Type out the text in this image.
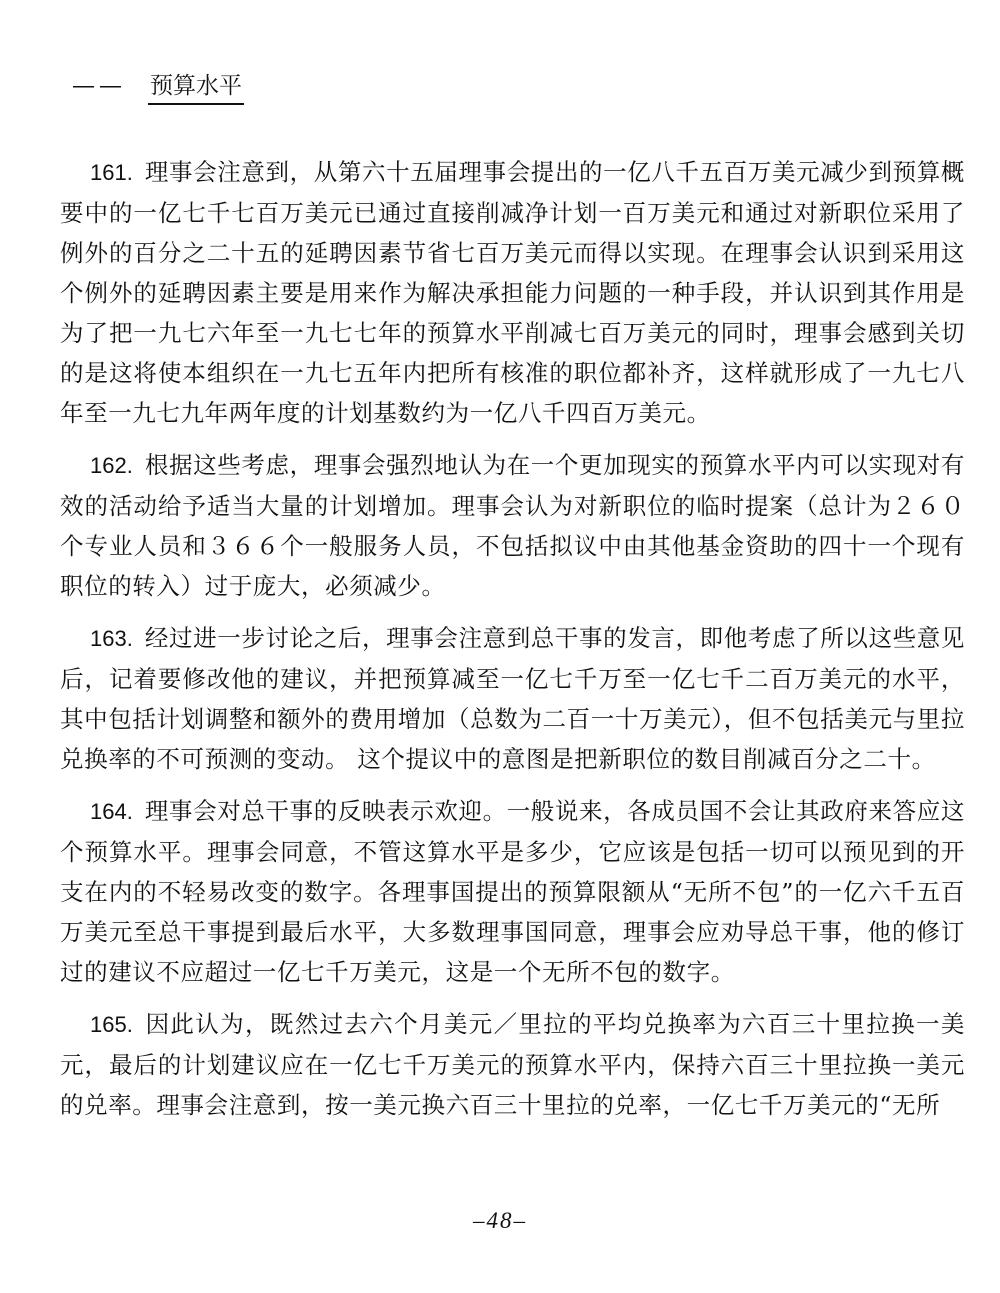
—— 预算水平

161. 理事会注意到，从第六十五届理事会提出的一亿八千五百万美元减少到预算概要中的一亿七千七百万美元已通过直接削减净计划一百万美元和通过对新职位采用了例外的百分之二十五的延聘因素节省七百万美元而得以实现。在理事会认识到采用这个例外的延聘因素主要是用来作为解决承担能力问题的一种手段，并认识到其作用是为了把一九七六年至一九七七年的预算水平削减七百万美元的同时，理事会感到关切的是这将使本组织在一九七五年内把所有核准的职位都补齐，这样就形成了一九七八年至一九七九年两年度的计划基数约为一亿八千四百万美元。

162. 根据这些考虑，理事会强烈地认为在一个更加现实的预算水平内可以实现对有效的活动给予适当大量的计划增加。理事会认为对新职位的临时提案（总计为２６０个专业人员和３６６个一般服务人员，不包括拟议中由其他基金资助的四十一个现有职位的转入）过于庞大，必须减少。

163. 经过进一步讨论之后，理事会注意到总干事的发言，即他考虑了所以这些意见后，记着要修改他的建议，并把预算减至一亿七千万至一亿七千二百万美元的水平，其中包括计划调整和额外的费用增加（总数为二百一十万美元），但不包括美元与里拉兑换率的不可预测的变动。 这个提议中的意图是把新职位的数目削减百分之二十。

164. 理事会对总干事的反映表示欢迎。一般说来，各成员国不会让其政府来答应这个预算水平。理事会同意，不管这算水平是多少，它应该是包括一切可以预见到的开支在内的不轻易改变的数字。各理事国提出的预算限额从“无所不包”的一亿六千五百万美元至总干事提到最后水平，大多数理事国同意，理事会应劝导总干事，他的修订过的建议不应超过一亿七千万美元，这是一个无所不包的数字。

165. 因此认为，既然过去六个月美元／里拉的平均兑换率为六百三十里拉换一美元，最后的计划建议应在一亿七千万美元的预算水平内，保持六百三十里拉换一美元的兑率。理事会注意到，按一美元换六百三十里拉的兑率，一亿七千万美元的“无所

–48–
